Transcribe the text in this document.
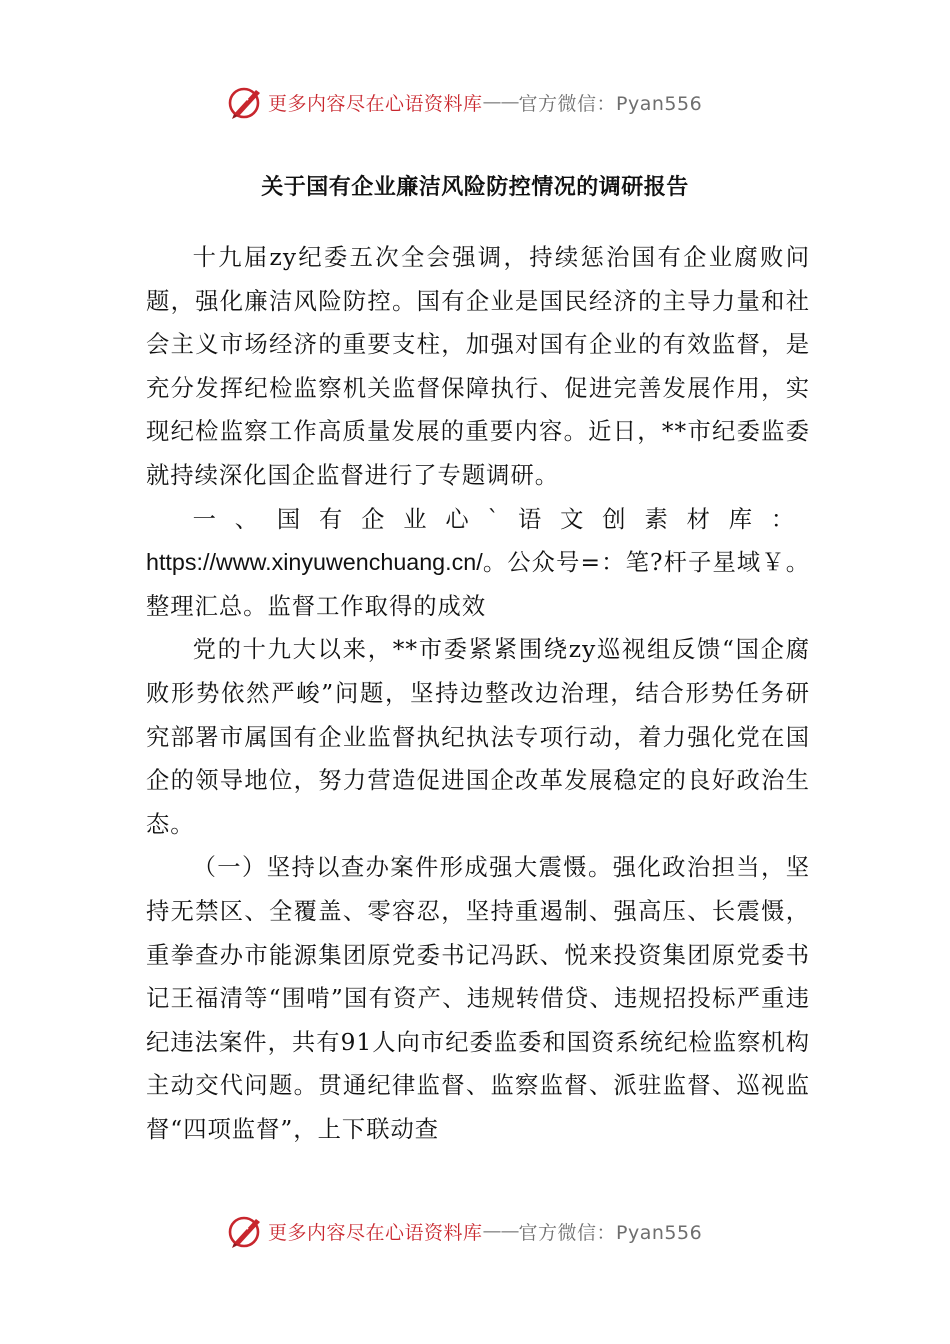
更多内容尽在心语资料库 —— 官方微信：Pyan556
关于国有企业廉洁风险防控情况的调研报告

十九届zy纪委五次全会强调，持续惩治国有企业腐败问题，强化廉洁风险防控。国有企业是国民经济的主导力量和社会主义市场经济的重要支柱，加强对国有企业的有效监督，是充分发挥纪检监察机关监督保障执行、促进完善发展作用，实现纪检监察工作高质量发展的重要内容。近日，**市纪委监委就持续深化国企监督进行了专题调研。

一、国有企业心`语文创素材库：https://www.xinyuwenchuang.cn/。公众号=：笔?杆子星域￥。整理汇总。监督工作取得的成效

党的十九大以来，**市委紧紧围绕zy巡视组反馈“国企腐败形势依然严峻”问题，坚持边整改边治理，结合形势任务研究部署市属国有企业监督执纪执法专项行动，着力强化党在国企的领导地位，努力营造促进国企改革发展稳定的良好政治生态。

（一）坚持以查办案件形成强大震慑。强化政治担当，坚持无禁区、全覆盖、零容忍，坚持重遏制、强高压、长震慑，重拳查办市能源集团原党委书记冯跃、悦来投资集团原党委书记王福清等“围啃”国有资产、违规转借贷、违规招投标严重违纪违法案件，共有91人向市纪委监委和国资系统纪检监察机构主动交代问题。贯通纪律监督、监察监督、派驻监督、巡视监督“四项监督”，上下联动查

更多内容尽在心语资料库 —— 官方微信：Pyan556
